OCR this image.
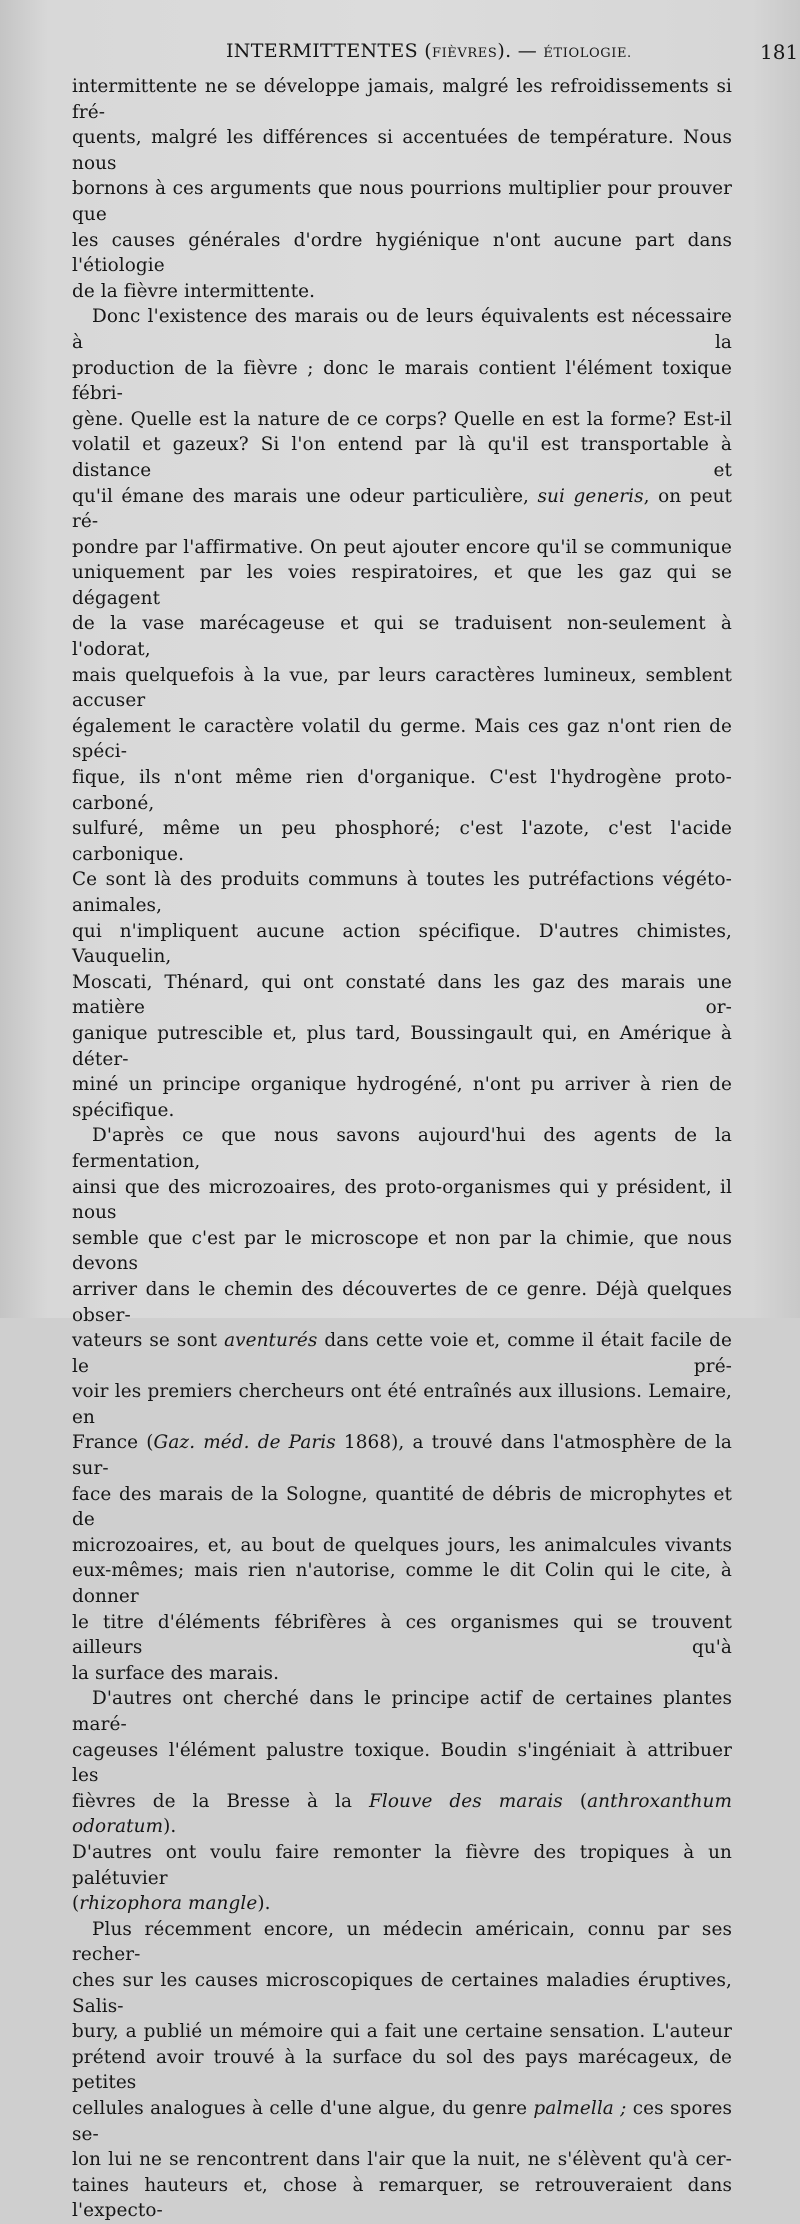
INTERMITTENTES (FIÈVRES). — ÉTIOLOGIE.	181

intermittente ne se développe jamais, malgré les refroidissements si fré-

quents, malgré les différences si accentuées de température. Nous nous

bornons à ces arguments que nous pourrions multiplier pour prouver que

les causes générales d'ordre hygiénique n'ont aucune part dans l'étiologie

de la fièvre intermittente.

Donc l'existence des marais ou de leurs équivalents est nécessaire à la

production de la fièvre ; donc le marais contient l'élément toxique fébri-

gène. Quelle est la nature de ce corps? Quelle en est la forme? Est-il

volatil et gazeux? Si l'on entend par là qu'il est transportable à distance et

qu'il émane des marais une odeur particulière, sui generis, on peut ré-

pondre par l'affirmative. On peut ajouter encore qu'il se communique

uniquement par les voies respiratoires, et que les gaz qui se dégagent

de la vase marécageuse et qui se traduisent non-seulement à l'odorat,

mais quelquefois à la vue, par leurs caractères lumineux, semblent accuser

également le caractère volatil du germe. Mais ces gaz n'ont rien de spéci-

fique, ils n'ont même rien d'organique. C'est l'hydrogène proto-carboné,

sulfuré, même un peu phosphoré; c'est l'azote, c'est l'acide carbonique.

Ce sont là des produits communs à toutes les putréfactions végéto-animales,

qui n'impliquent aucune action spécifique. D'autres chimistes, Vauquelin,

Moscati, Thénard, qui ont constaté dans les gaz des marais une matière or-

ganique putrescible et, plus tard, Boussingault qui, en Amérique à déter-

miné un principe organique hydrogéné, n'ont pu arriver à rien de spécifique.

D'après ce que nous savons aujourd'hui des agents de la fermentation,

ainsi que des microzoaires, des proto-organismes qui y président, il nous

semble que c'est par le microscope et non par la chimie, que nous devons

arriver dans le chemin des découvertes de ce genre. Déjà quelques obser-

vateurs se sont aventurés dans cette voie et, comme il était facile de le pré-

voir les premiers chercheurs ont été entraînés aux illusions. Lemaire, en

France (Gaz. méd. de Paris 1868), a trouvé dans l'atmosphère de la sur-

face des marais de la Sologne, quantité de débris de microphytes et de

microzoaires, et, au bout de quelques jours, les animalcules vivants

eux-mêmes; mais rien n'autorise, comme le dit Colin qui le cite, à donner

le titre d'éléments fébrifères à ces organismes qui se trouvent ailleurs qu'à

la surface des marais.

D'autres ont cherché dans le principe actif de certaines plantes maré-

cageuses l'élément palustre toxique. Boudin s'ingéniait à attribuer les

fièvres de la Bresse à la Flouve des marais (anthroxanthum odoratum).

D'autres ont voulu faire remonter la fièvre des tropiques à un palétuvier

(rhizophora mangle).

Plus récemment encore, un médecin américain, connu par ses recher-

ches sur les causes microscopiques de certaines maladies éruptives, Salis-

bury, a publié un mémoire qui a fait une certaine sensation. L'auteur

prétend avoir trouvé à la surface du sol des pays marécageux, de petites

cellules analogues à celle d'une algue, du genre palmella ; ces spores se-

lon lui ne se rencontrent dans l'air que la nuit, ne s'élèvent qu'à cer-

taines hauteurs et, chose à remarquer, se retrouveraient dans l'expecto-
